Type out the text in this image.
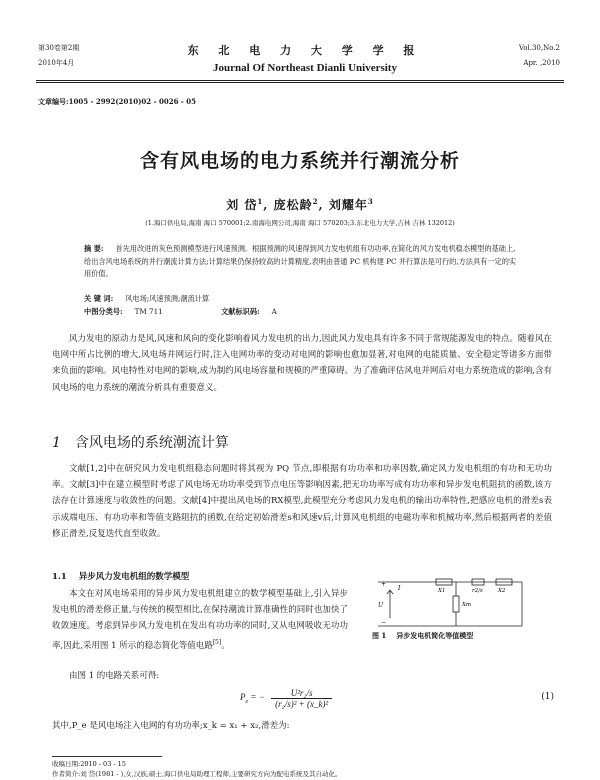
第30卷第2期
2010年4月
东 北 电 力 大 学 学 报
Journal Of Northeast Dianli University
Vol.30,No.2
Apr. ,2010
文章编号:1005 - 2992(2010)02 - 0026 - 05
含有风电场的电力系统并行潮流分析
刘 岱$^1$, 庞松龄$^2$, 刘耀年$^3$
(1.海口供电局,海南 海口 570001;2.南海电网公司,海南 海口 570203;3.东北电力大学,吉林 吉林 132012)
摘 要: 首先用改进的灰色预测模型进行风速预测。根据预测的风速得到风力发电机组有功功率,在简化的风力发电机稳态模型的基础上,给出含风电场系统的并行潮流计算方法;计算结果仍保持较高的计算精度,表明由普通 PC 机构建 PC 并行算法是可行的,方法具有一定的实用价值。
关 键 词: 风电场;风速预测;潮流计算
中图分类号: TM 711	文献标识码: A
风力发电的原动力是风,风速和风向的变化影响着风力发电机的出力,因此风力发电具有许多不同于常规能源发电的特点。随着风在电网中所占比例的增大,风电场并网运行时,注入电网功率的变动对电网的影响也愈加显著,对电网的电能质量、安全稳定等诸多方面带来负面的影响。风电特性对电网的影响,成为制约风电场容量和规模的严重障碍。为了准确评估风电并网后对电力系统造成的影响,含有风电场的电力系统的潮流分析具有重要意义。
1 含风电场的系统潮流计算
文献[1,2]中在研究风力发电机组稳态问题时将其视为 PQ 节点,即根据有功功率和功率因数,确定风力发电机组的有功和无功功率。文献[3]中在建立模型时考虑了风电场无功功率受到节点电压等影响因素,把无功功率写成有功功率和异步发电机阻抗的函数,该方法存在计算速度与收敛性的问题。文献[4]中提出风电场的RX模型,此模型充分考虑风力发电机的输出功率特性,把感应电机的滑差s表示成端电压、有功功率和等值支路阻抗的函数,在给定初始滑差s和风速v后,计算风电机组的电磁功率和机械功率,然后根据两者的差值修正滑差,反复迭代直至收敛。
1.1 异步风力发电机组的数学模型
本文在对风电场采用的异步风力发电机组建立的数学模型基础上,引入异步发电机的滑差修正量,与传统的模型相比,在保持潮流计算准确性的同时也加快了收敛速度。考虑到异步风力发电机在发出有功功率的同时,又从电网吸收无功功率,因此,采用图 1 所示的稳态简化等值电路[5]。
由图 1 的电路关系可得:
I
U
X1	r2/s	X2
Xm
+
−
图 1 异步发电机简化等值模型
$P_e$ = − $\frac{\text{U²r₂/s}}{\text{(r₂/s)² + (x\_k)²}}$	(1)
其中,P_e 是风电场注入电网的有功功率;x_k = x₁ + x₂,滑差为:
收稿日期:2010 - 03 - 15
作者简介:刘 岱(1981 - ),女,汉族,硕士,海口供电局助理工程师,主要研究方向为配电系统及其自动化。
